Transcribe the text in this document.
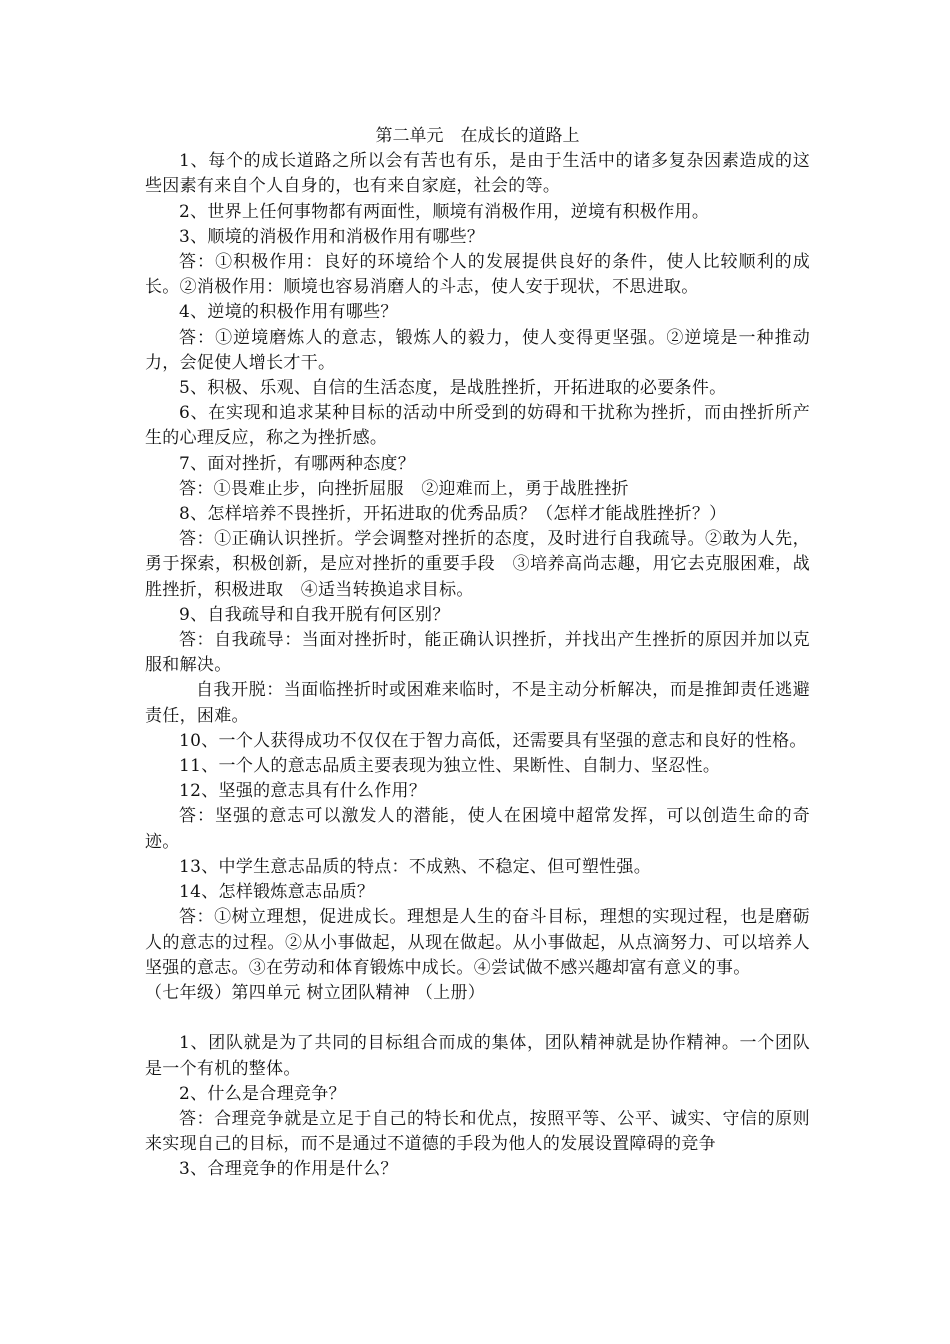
第二单元　在成长的道路上

1、每个的成长道路之所以会有苦也有乐，是由于生活中的诸多复杂因素造成的这些因素有来自个人自身的，也有来自家庭，社会的等。

2、世界上任何事物都有两面性，顺境有消极作用，逆境有积极作用。

3、顺境的消极作用和消极作用有哪些？

答：①积极作用：良好的环境给个人的发展提供良好的条件，使人比较顺利的成长。②消极作用：顺境也容易消磨人的斗志，使人安于现状，不思进取。

4、逆境的积极作用有哪些？

答：①逆境磨炼人的意志，锻炼人的毅力，使人变得更坚强。②逆境是一种推动力，会促使人增长才干。

5、积极、乐观、自信的生活态度，是战胜挫折，开拓进取的必要条件。

6、在实现和追求某种目标的活动中所受到的妨碍和干扰称为挫折，而由挫折所产生的心理反应，称之为挫折感。

7、面对挫折，有哪两种态度？

答：①畏难止步，向挫折屈服　②迎难而上，勇于战胜挫折

8、怎样培养不畏挫折，开拓进取的优秀品质？（怎样才能战胜挫折？）

答：①正确认识挫折。学会调整对挫折的态度，及时进行自我疏导。②敢为人先，勇于探索，积极创新，是应对挫折的重要手段　③培养高尚志趣，用它去克服困难，战胜挫折，积极进取　④适当转换追求目标。

9、自我疏导和自我开脱有何区别？

答：自我疏导：当面对挫折时，能正确认识挫折，并找出产生挫折的原因并加以克服和解决。

自我开脱：当面临挫折时或困难来临时，不是主动分析解决，而是推卸责任逃避责任，困难。

10、一个人获得成功不仅仅在于智力高低，还需要具有坚强的意志和良好的性格。

11、一个人的意志品质主要表现为独立性、果断性、自制力、坚忍性。

12、坚强的意志具有什么作用？

答：坚强的意志可以激发人的潜能，使人在困境中超常发挥，可以创造生命的奇迹。

13、中学生意志品质的特点：不成熟、不稳定、但可塑性强。

14、怎样锻炼意志品质？

答：①树立理想，促进成长。理想是人生的奋斗目标，理想的实现过程，也是磨砺人的意志的过程。②从小事做起，从现在做起。从小事做起，从点滴努力、可以培养人坚强的意志。③在劳动和体育锻炼中成长。④尝试做不感兴趣却富有意义的事。

（七年级）第四单元 树立团队精神 （上册）

1、团队就是为了共同的目标组合而成的集体，团队精神就是协作精神。一个团队是一个有机的整体。

2、什么是合理竞争？

答：合理竞争就是立足于自己的特长和优点，按照平等、公平、诚实、守信的原则来实现自己的目标，而不是通过不道德的手段为他人的发展设置障碍的竞争

3、合理竞争的作用是什么？
